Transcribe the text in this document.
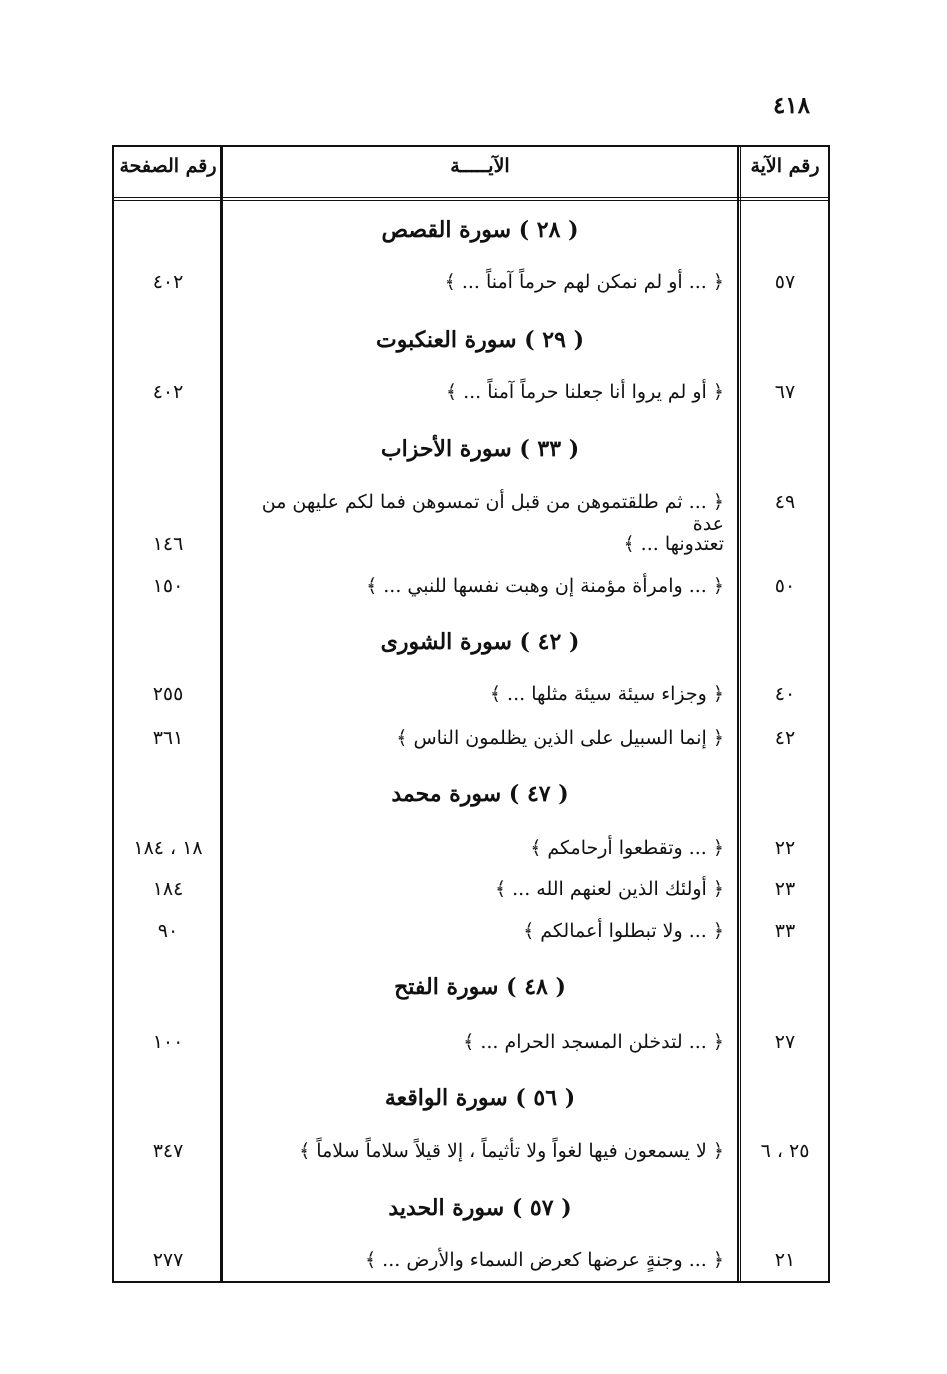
٤١٨
رقم الصفحة	الآيـــــة	رقم الآية
( ٢٨ ) سورة القصص
٥٧
﴿ ... أو لم نمكن لهم حرماً آمناً ... ﴾
٤٠٢
( ٢٩ ) سورة العنكبوت
٦٧
﴿ أو لم يروا أنا جعلنا حرماً آمناً ... ﴾
٤٠٢
( ٣٣ ) سورة الأحزاب
٤٩
﴿ ... ثم طلقتموهن من قبل أن تمسوهن فما لكم عليهن من عدة
تعتدونها ... ﴾
١٤٦
٥٠
﴿ ... وامرأة مؤمنة إن وهبت نفسها للنبي ... ﴾
١٥٠
( ٤٢ ) سورة الشورى
٤٠
﴿ وجزاء سيئة سيئة مثلها ... ﴾
٢٥٥
٤٢
﴿ إنما السبيل على الذين يظلمون الناس ﴾
٣٦١
( ٤٧ ) سورة محمد
٢٢
﴿ ... وتقطعوا أرحامكم ﴾
١٨ ، ١٨٤
٢٣
﴿ أولئك الذين لعنهم الله ... ﴾
١٨٤
٣٣
﴿ ... ولا تبطلوا أعمالكم ﴾
٩٠
( ٤٨ ) سورة الفتح
٢٧
﴿ ... لتدخلن المسجد الحرام ... ﴾
١٠٠
( ٥٦ ) سورة الواقعة
٢٥ ، ٦
﴿ لا يسمعون فيها لغواً ولا تأثيماً ، إلا قيلاً سلاماً سلاماً ﴾
٣٤٧
( ٥٧ ) سورة الحديد
٢١
﴿ ... وجنةٍ عرضها كعرض السماء والأرض ... ﴾
٢٧٧
